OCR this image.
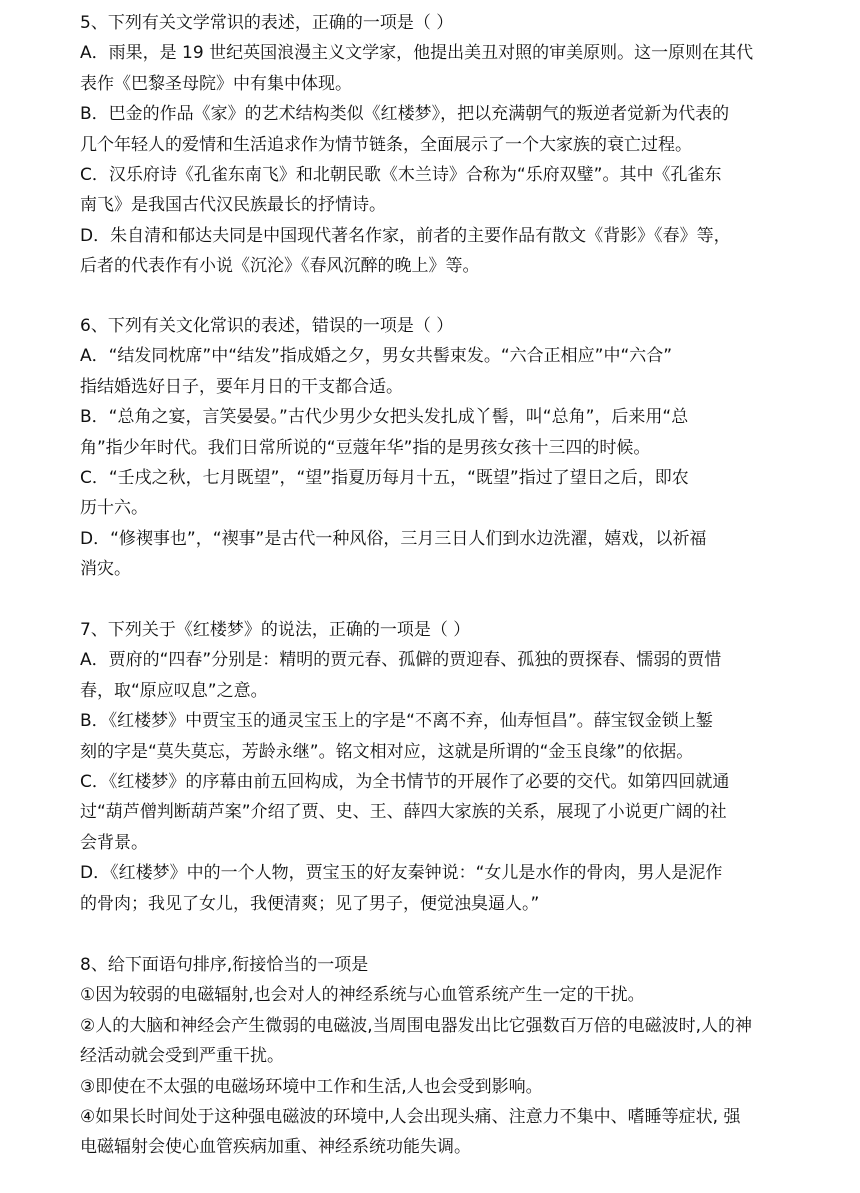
5、下列有关文学常识的表述，正确的一项是（ ）
A．雨果，是 19 世纪英国浪漫主义文学家，他提出美丑对照的审美原则。这一原则在其代
表作《巴黎圣母院》中有集中体现。
B．巴金的作品《家》的艺术结构类似《红楼梦》，把以充满朝气的叛逆者觉新为代表的
几个年轻人的爱情和生活追求作为情节链条，全面展示了一个大家族的衰亡过程。
C．汉乐府诗《孔雀东南飞》和北朝民歌《木兰诗》合称为“乐府双璧”。其中《孔雀东
南飞》是我国古代汉民族最长的抒情诗。
D．朱自清和郁达夫同是中国现代著名作家，前者的主要作品有散文《背影》《春》等，
后者的代表作有小说《沉沦》《春风沉醉的晚上》等。
6、下列有关文化常识的表述，错误的一项是（ ）
A．“结发同枕席”中“结发”指成婚之夕，男女共髻束发。“六合正相应”中“六合”
指结婚选好日子，要年月日的干支都合适。
B．“总角之宴，言笑晏晏。”古代少男少女把头发扎成丫髻，叫“总角”，后来用“总
角”指少年时代。我们日常所说的“豆蔻年华”指的是男孩女孩十三四的时候。
C．“壬戌之秋，七月既望”，“望”指夏历每月十五，“既望”指过了望日之后，即农
历十六。
D．“修禊事也”，“禊事”是古代一种风俗，三月三日人们到水边洗濯，嬉戏，以祈福
消灾。
7、下列关于《红楼梦》的说法，正确的一项是（ ）
A．贾府的“四春”分别是：精明的贾元春、孤僻的贾迎春、孤独的贾探春、懦弱的贾惜
春，取“原应叹息”之意。
B．《红楼梦》中贾宝玉的通灵宝玉上的字是“不离不弃，仙寿恒昌”。薛宝钗金锁上錾
刻的字是“莫失莫忘，芳龄永继”。铭文相对应，这就是所谓的“金玉良缘”的依据。
C．《红楼梦》的序幕由前五回构成，为全书情节的开展作了必要的交代。如第四回就通
过“葫芦僧判断葫芦案”介绍了贾、史、王、薛四大家族的关系，展现了小说更广阔的社
会背景。
D．《红楼梦》中的一个人物，贾宝玉的好友秦钟说：“女儿是水作的骨肉，男人是泥作
的骨肉；我见了女儿，我便清爽；见了男子，便觉浊臭逼人。”
8、给下面语句排序,衔接恰当的一项是
①因为较弱的电磁辐射,也会对人的神经系统与心血管系统产生一定的干扰。
②人的大脑和神经会产生微弱的电磁波,当周围电器发出比它强数百万倍的电磁波时,人的神
经活动就会受到严重干扰。
③即使在不太强的电磁场环境中工作和生活,人也会受到影响。
④如果长时间处于这种强电磁波的环境中,人会出现头痛、注意力不集中、嗜睡等症状, 强
电磁辐射会使心血管疾病加重、神经系统功能失调。
